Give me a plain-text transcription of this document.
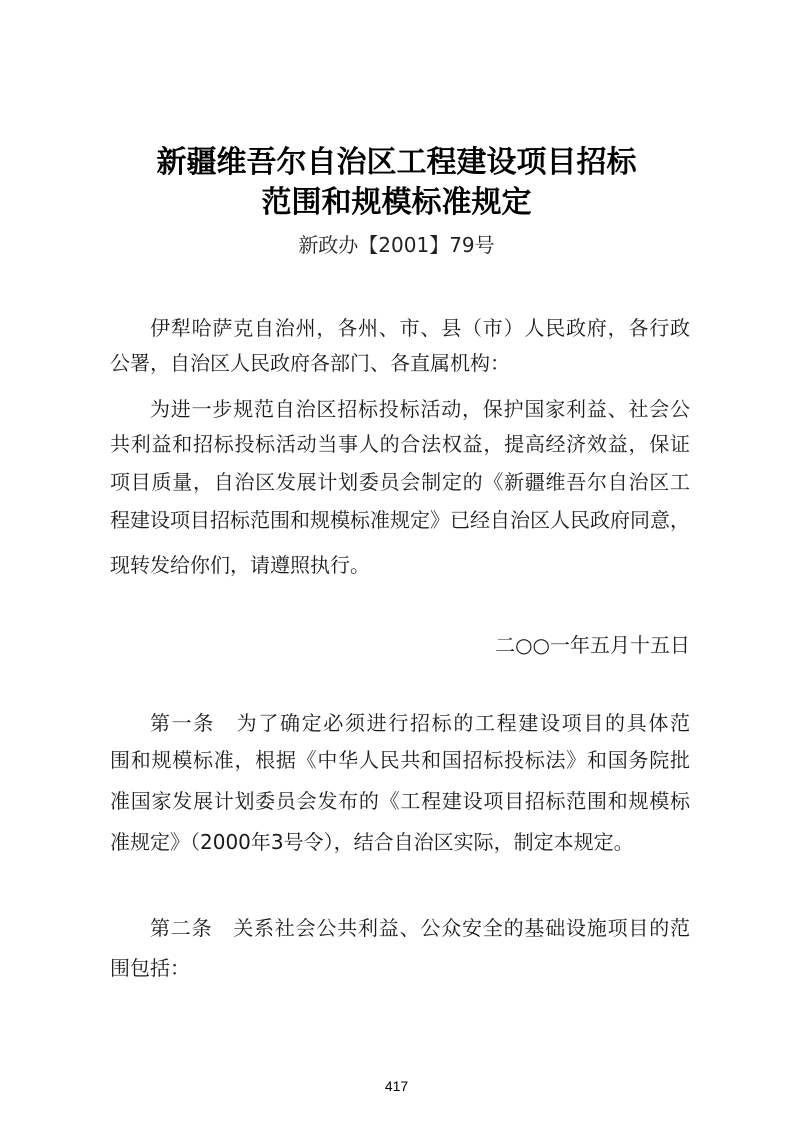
新疆维吾尔自治区工程建设项目招标
范围和规模标准规定
新政办【2001】79号
伊犁哈萨克自治州，各州、市、县（市）人民政府，各行政
公署，自治区人民政府各部门、各直属机构：
为进一步规范自治区招标投标活动，保护国家利益、社会公
共利益和招标投标活动当事人的合法权益，提高经济效益，保证
项目质量，自治区发展计划委员会制定的《新疆维吾尔自治区工
程建设项目招标范围和规模标准规定》已经自治区人民政府同意，
现转发给你们，请遵照执行。
二○○一年五月十五日
第一条　为了确定必须进行招标的工程建设项目的具体范
围和规模标准，根据《中华人民共和国招标投标法》和国务院批
准国家发展计划委员会发布的《工程建设项目招标范围和规模标
准规定》（2000年3号令），结合自治区实际，制定本规定。
第二条　关系社会公共利益、公众安全的基础设施项目的范
围包括：
417
